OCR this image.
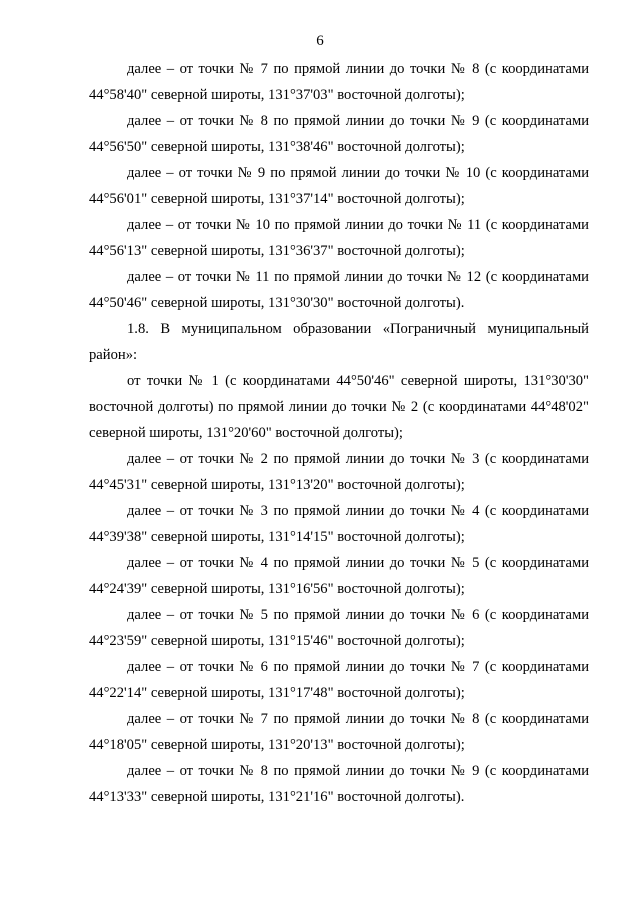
6

далее – от точки № 7 по прямой линии до точки № 8 (с координатами 44°58'40" северной широты, 131°37'03" восточной долготы);

далее – от точки № 8 по прямой линии до точки № 9 (с координатами 44°56'50" северной широты, 131°38'46" восточной долготы);

далее – от точки № 9 по прямой линии до точки № 10 (с координатами 44°56'01" северной широты, 131°37'14" восточной долготы);

далее – от точки № 10 по прямой линии до точки № 11 (с координатами 44°56'13" северной широты, 131°36'37" восточной долготы);

далее – от точки № 11 по прямой линии до точки № 12 (с координатами 44°50'46" северной широты, 131°30'30" восточной долготы).

1.8. В муниципальном образовании «Пограничный муниципальный район»:

от точки № 1 (с координатами 44°50'46" северной широты, 131°30'30" восточной долготы) по прямой линии до точки № 2 (с координатами 44°48'02" северной широты, 131°20'60" восточной долготы);

далее – от точки № 2 по прямой линии до точки № 3 (с координатами 44°45'31" северной широты, 131°13'20" восточной долготы);

далее – от точки № 3 по прямой линии до точки № 4 (с координатами 44°39'38" северной широты, 131°14'15" восточной долготы);

далее – от точки № 4 по прямой линии до точки № 5 (с координатами 44°24'39" северной широты, 131°16'56" восточной долготы);

далее – от точки № 5 по прямой линии до точки № 6 (с координатами 44°23'59" северной широты, 131°15'46" восточной долготы);

далее – от точки № 6 по прямой линии до точки № 7 (с координатами 44°22'14" северной широты, 131°17'48" восточной долготы);

далее – от точки № 7 по прямой линии до точки № 8 (с координатами 44°18'05" северной широты, 131°20'13" восточной долготы);

далее – от точки № 8 по прямой линии до точки № 9 (с координатами 44°13'33" северной широты, 131°21'16" восточной долготы).
